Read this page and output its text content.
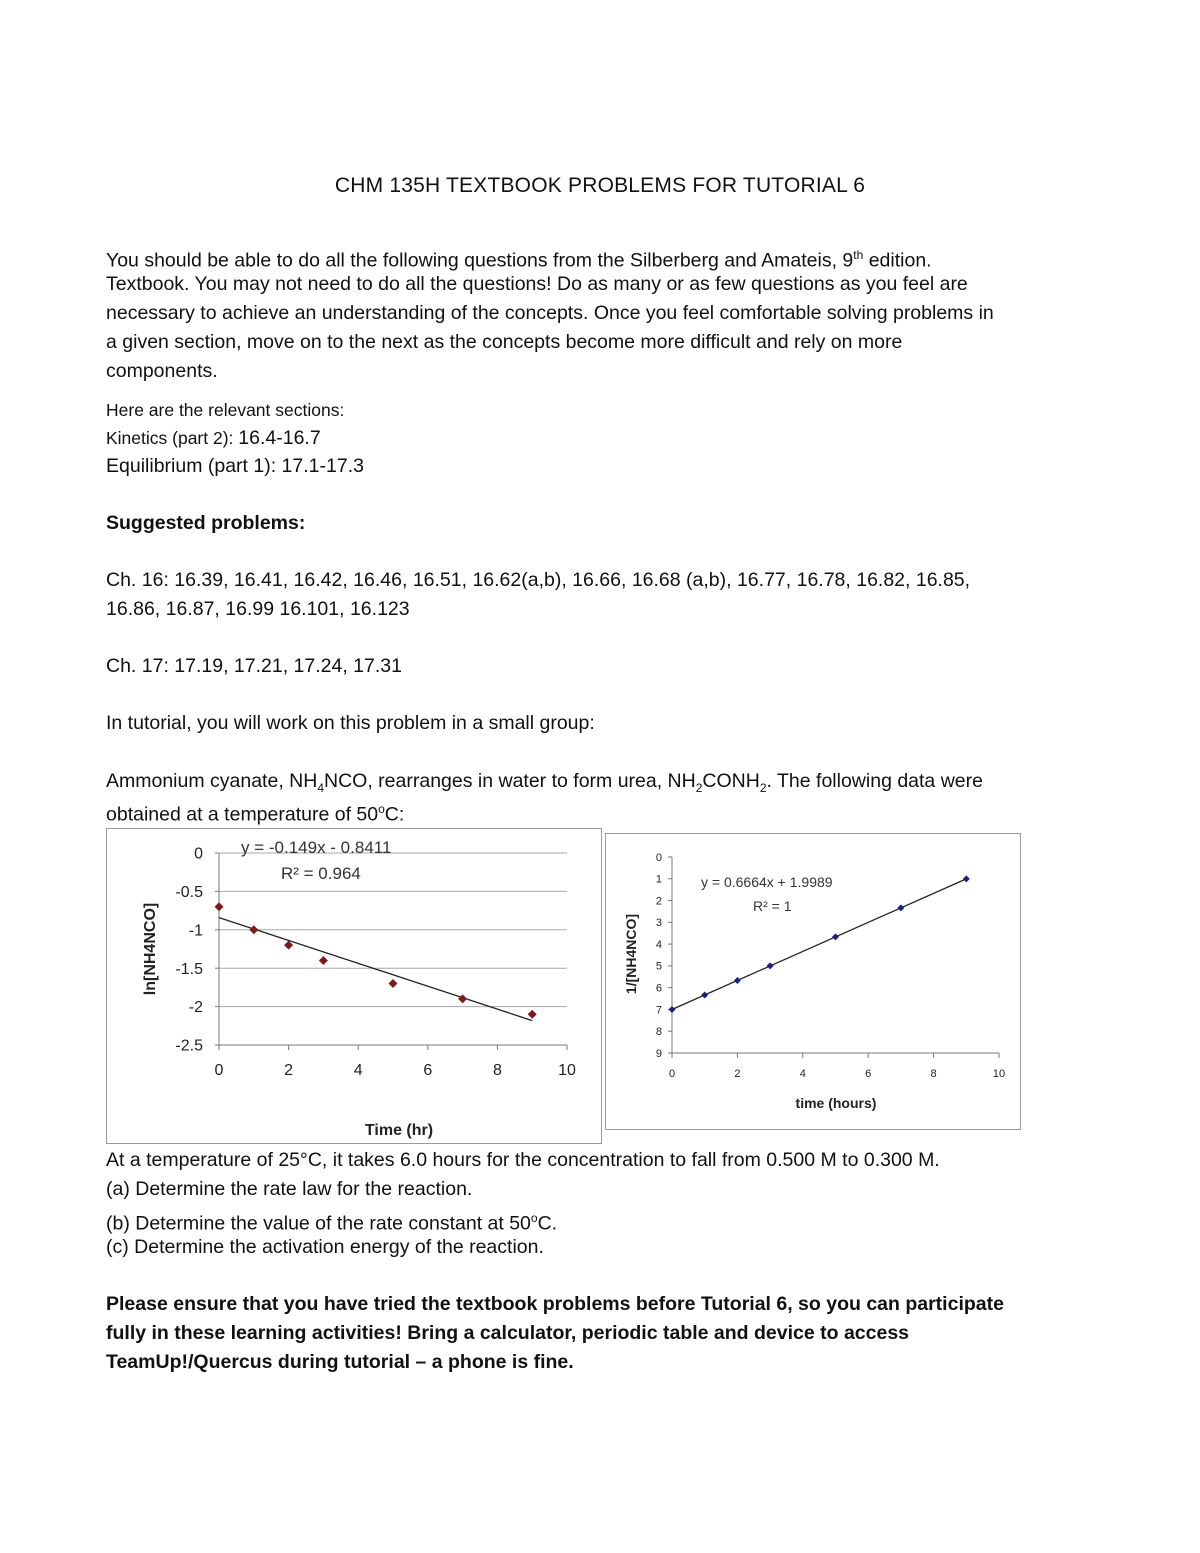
CHM 135H TEXTBOOK PROBLEMS FOR TUTORIAL 6
You should be able to do all the following questions from the Silberberg and Amateis, 9th edition.
Textbook. You may not need to do all the questions! Do as many or as few questions as you feel are
necessary to achieve an understanding of the concepts. Once you feel comfortable solving problems in
a given section, move on to the next as the concepts become more difficult and rely on more
components.
Here are the relevant sections:
Kinetics (part 2): 16.4-16.7
Equilibrium (part 1): 17.1-17.3
Suggested problems:
Ch. 16: 16.39, 16.41, 16.42, 16.46, 16.51, 16.62(a,b), 16.66, 16.68 (a,b), 16.77, 16.78, 16.82, 16.85,
16.86, 16.87, 16.99 16.101, 16.123
Ch. 17: 17.19, 17.21, 17.24, 17.31
In tutorial, you will work on this problem in a small group:
Ammonium cyanate, $NH_4NCO$, rearranges in water to form urea, $NH_2CONH_2$. The following data were
obtained at a temperature of 50$^o$C:
-2.5
-2
-1.5
-1
-0.5
0
0	2	4	6	8	10
y = -0.149x - 0.8411
R² = 0.964
Time (hr)
ln[NH4NCO]
9
8
7
6
5
4
3
2
1
0
0	2	4	6	8	10
y = 0.6664x + 1.9989
R² = 1
time (hours)
1/[NH4NCO]
At a temperature of 25°C, it takes 6.0 hours for the concentration to fall from 0.500 M to 0.300 M.
(a) Determine the rate law for the reaction.
(b) Determine the value of the rate constant at 50$^o$C.
(c) Determine the activation energy of the reaction.
Please ensure that you have tried the textbook problems before Tutorial 6, so you can participate
fully in these learning activities! Bring a calculator, periodic table and device to access
TeamUp!/Quercus during tutorial – a phone is fine.
